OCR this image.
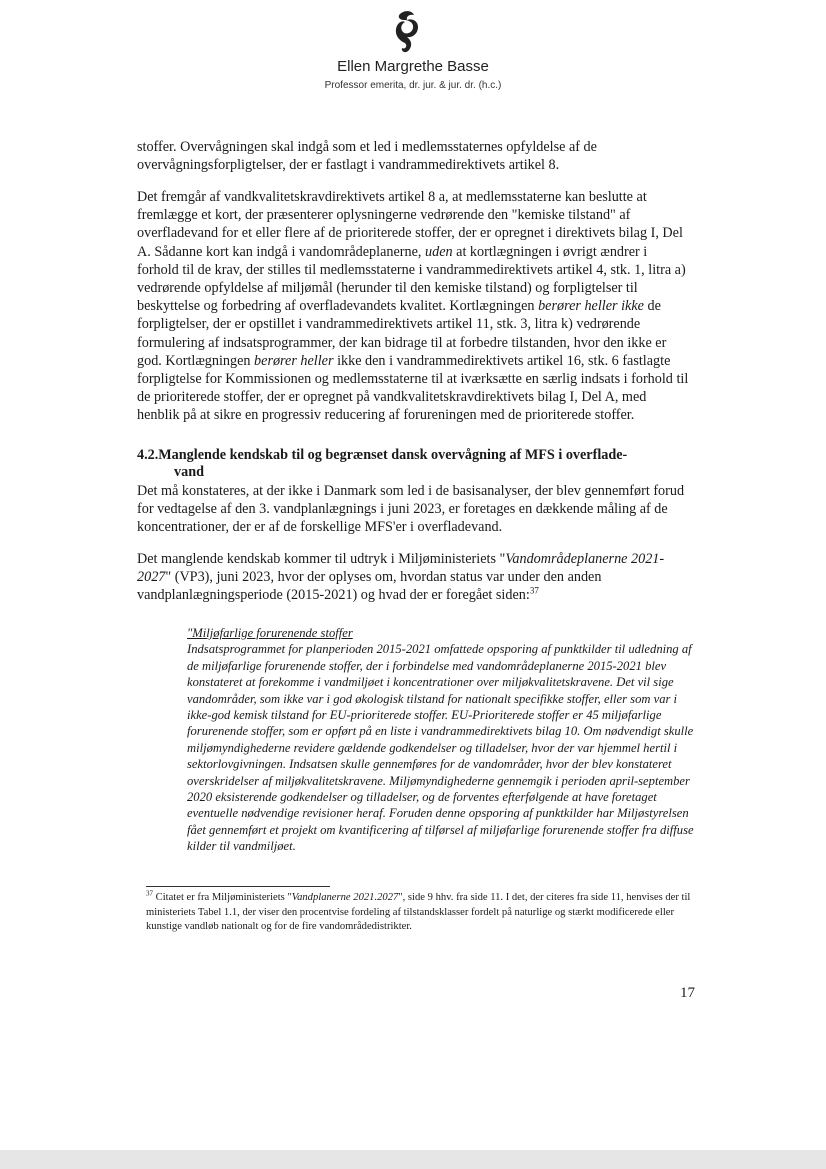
Ellen Margrethe Basse
Professor emerita, dr. jur. & jur. dr. (h.c.)

stoffer. Overvågningen skal indgå som et led i medlemsstaternes opfyldelse af de overvågningsforpligtelser, der er fastlagt i vandrammedirektivets artikel 8.

Det fremgår af vandkvalitetskravdirektivets artikel 8 a, at medlemsstaterne kan beslutte at fremlægge et kort, der præsenterer oplysningerne vedrørende den "kemiske tilstand" af overfladevand for et eller flere af de prioriterede stoffer, der er opregnet i direktivets bilag I, Del A. Sådanne kort kan indgå i vandområdeplanerne, uden at kortlægningen i øvrigt ændrer i forhold til de krav, der stilles til medlemsstaterne i vandrammedirektivets artikel 4, stk. 1, litra a) vedrørende opfyldelse af miljømål (herunder til den kemiske tilstand) og forpligtelser til beskyttelse og forbedring af overfladevandets kvalitet. Kortlægningen berører heller ikke de forpligtelser, der er opstillet i vandrammedirektivets artikel 11, stk. 3, litra k) vedrørende formulering af indsatsprogrammer, der kan bidrage til at forbedre tilstanden, hvor den ikke er god. Kortlægningen berører heller ikke den i vandrammedirektivets artikel 16, stk. 6 fastlagte forpligtelse for Kommissionen og medlemsstaterne til at iværksætte en særlig indsats i forhold til de prioriterede stoffer, der er opregnet på vandkvalitetskravdirektivets bilag I, Del A, med henblik på at sikre en progressiv reducering af forureningen med de prioriterede stoffer.

4.2.Manglende kendskab til og begrænset dansk overvågning af MFS i overflade-
vand

Det må konstateres, at der ikke i Danmark som led i de basisanalyser, der blev gennemført forud for vedtagelse af den 3. vandplanlægnings i juni 2023, er foretages en dækkende måling af de koncentrationer, der er af de forskellige MFS'er i overfladevand.

Det manglende kendskab kommer til udtryk i Miljøministeriets "Vandområdeplanerne 2021-2027" (VP3), juni 2023, hvor der oplyses om, hvordan status var under den anden vandplanlægningsperiode (2015-2021) og hvad der er foregået siden:$^{37}$

"Miljøfarlige forurenende stoffer

Indsatsprogrammet for planperioden 2015-2021 omfattede opsporing af punktkilder til udledning af de miljøfarlige forurenende stoffer, der i forbindelse med vandområdeplanerne 2015-2021 blev konstateret at forekomme i vandmiljøet i koncentrationer over miljøkvalitetskravene. Det vil sige vandområder, som ikke var i god økologisk tilstand for nationalt specifikke stoffer, eller som var i ikke-god kemisk tilstand for EU-prioriterede stoffer. EU-Prioriterede stoffer er 45 miljøfarlige forurenende stoffer, som er opført på en liste i vandrammedirektivets bilag 10. Om nødvendigt skulle miljømyndighederne revidere gældende godkendelser og tilladelser, hvor der var hjemmel hertil i sektorlovgivningen. Indsatsen skulle gennemføres for de vandområder, hvor der blev konstateret overskridelser af miljøkvalitetskravene. Miljømyndighederne gennemgik i perioden april-september 2020 eksisterende godkendelser og tilladelser, og de forventes efterfølgende at have foretaget eventuelle nødvendige revisioner heraf. Foruden denne opsporing af punktkilder har Miljøstyrelsen fået gennemført et projekt om kvantificering af tilførsel af miljøfarlige forurenende stoffer fra diffuse kilder til vandmiljøet.

$^{37}$ Citatet er fra Miljøministeriets "Vandplanerne 2021.2027", side 9 hhv. fra side 11. I det, der citeres fra side 11, henvises der til ministeriets Tabel 1.1, der viser den procentvise fordeling af tilstandsklasser fordelt på naturlige og stærkt modificerede eller kunstige vandløb nationalt og for de fire vandområdedistrikter.
17
